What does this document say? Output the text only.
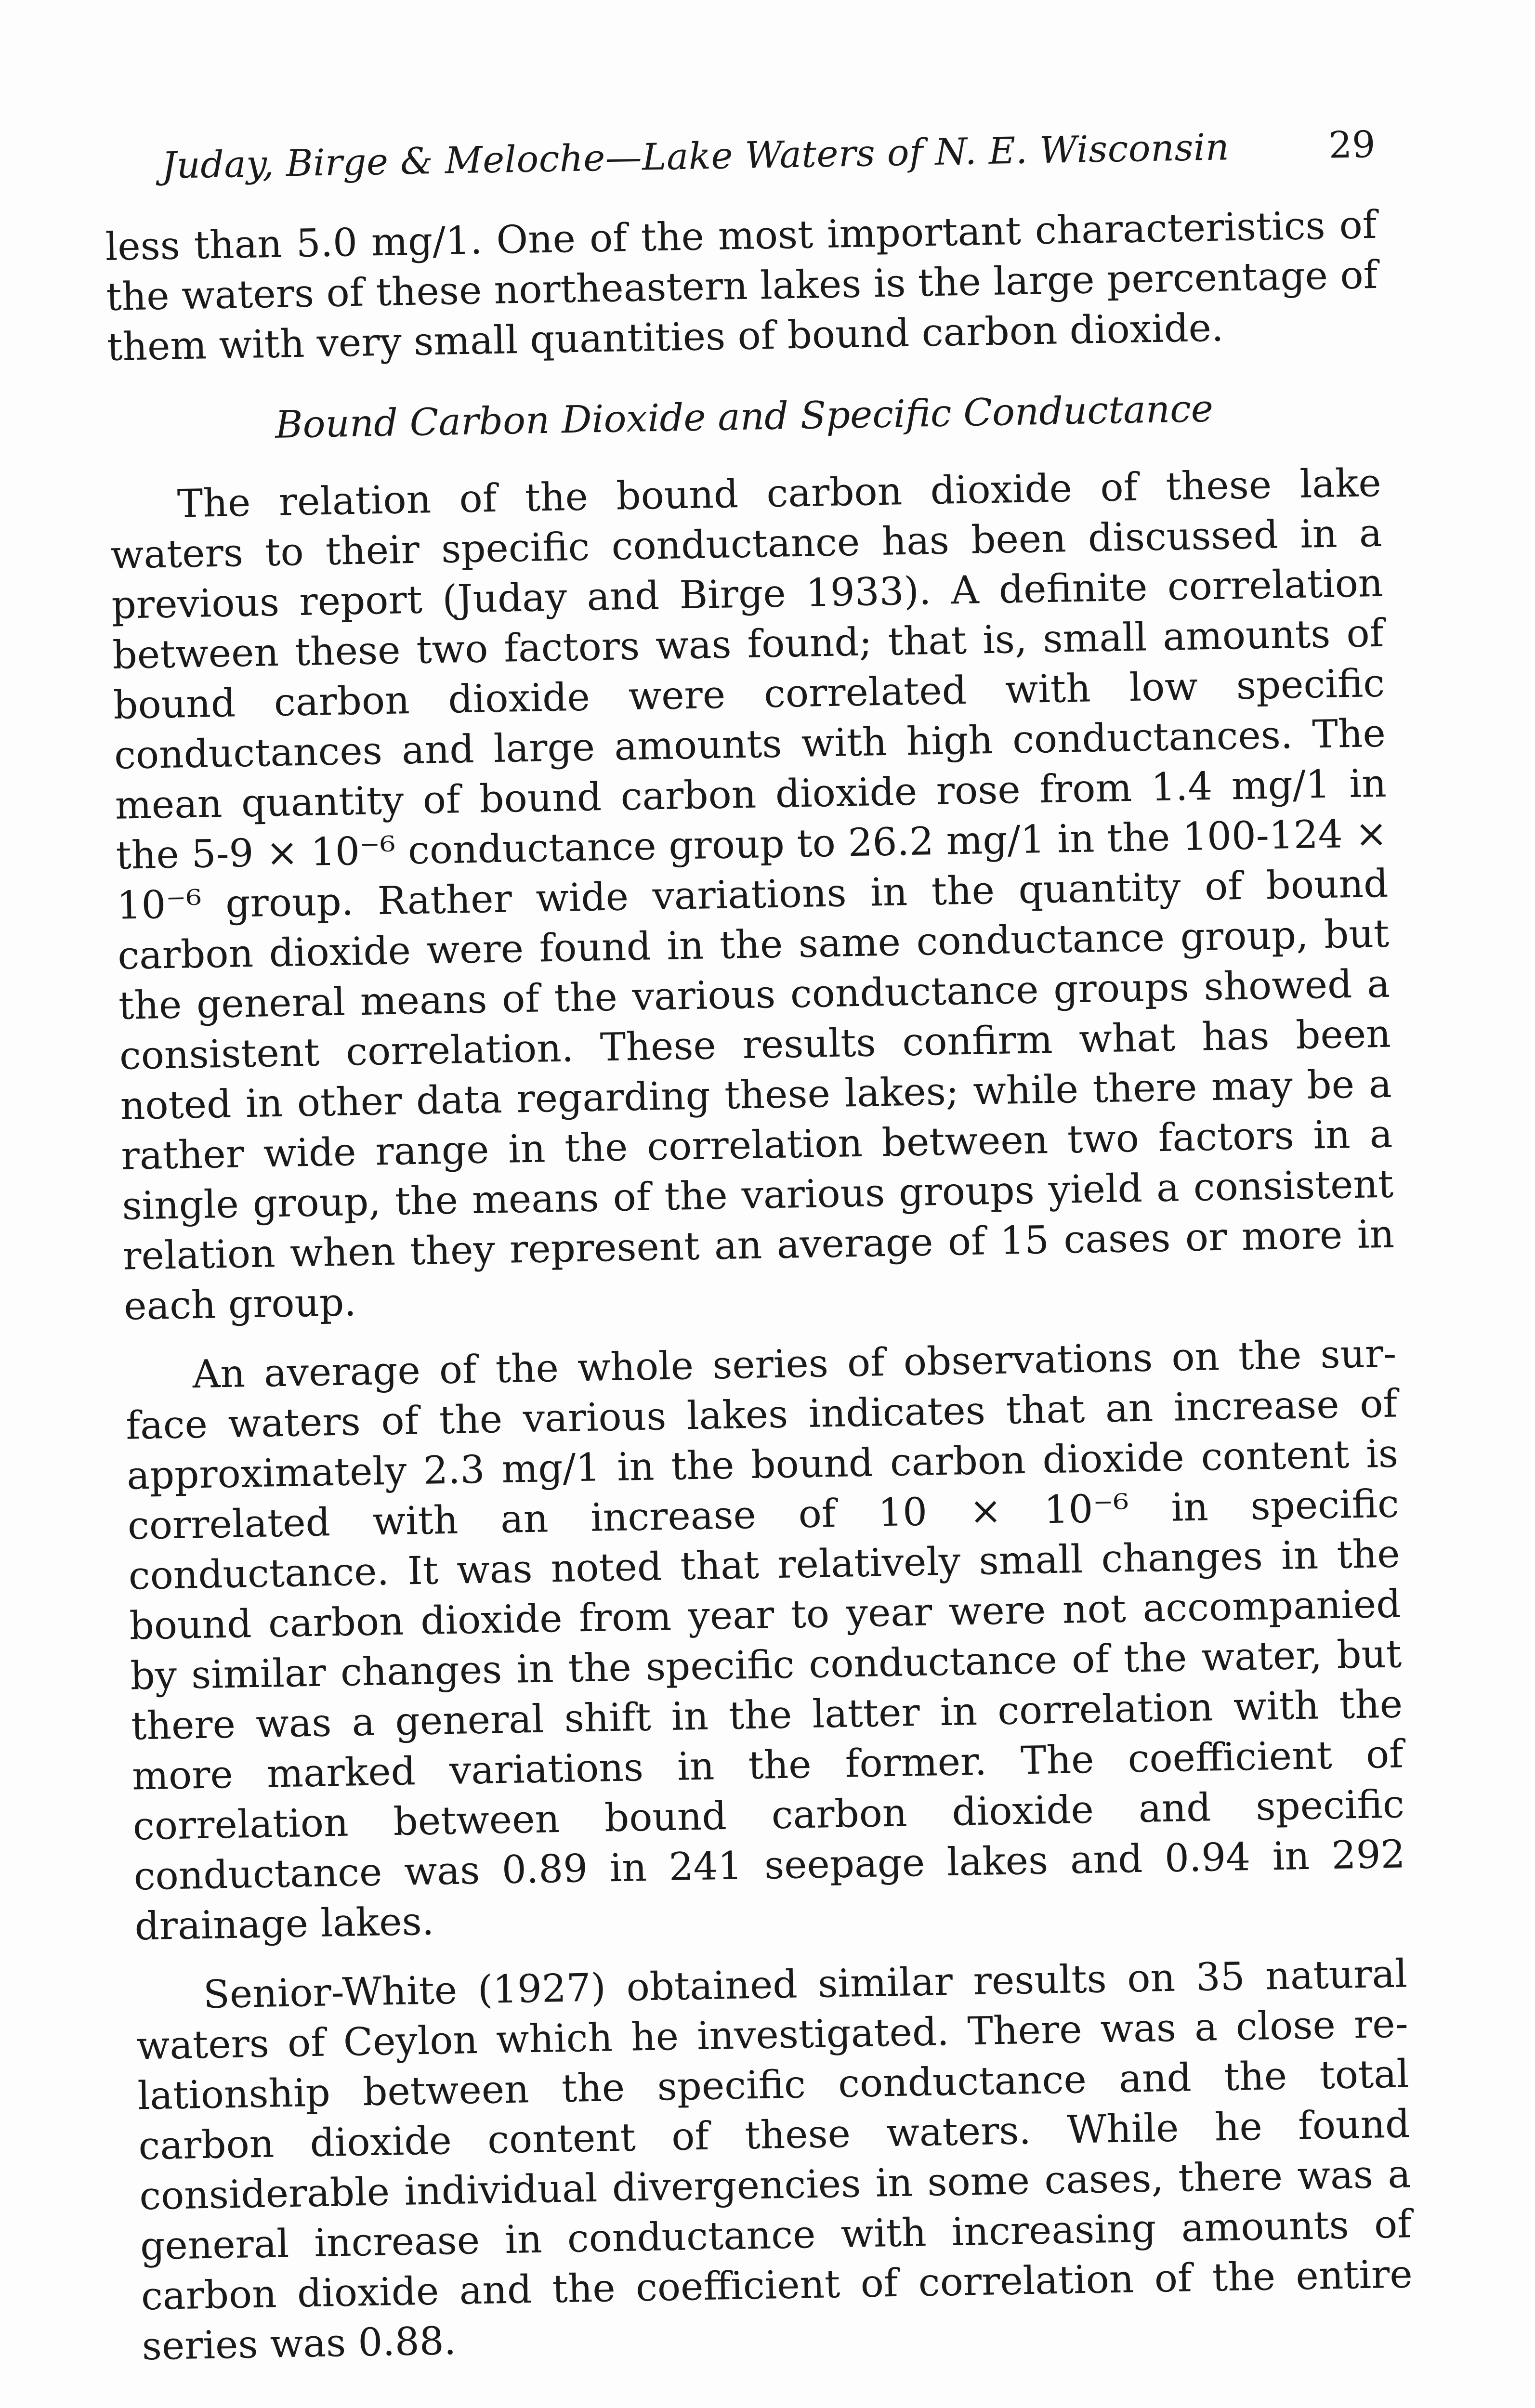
Juday, Birge & Meloche—Lake Waters of N. E. Wisconsin	29

less than 5.0 mg/1. One of the most important characteristics of the waters of these northeastern lakes is the large percentage of them with very small quantities of bound carbon dioxide.

Bound Carbon Dioxide and Specific Conductance

The relation of the bound carbon dioxide of these lake waters to their specific conductance has been discussed in a previous report (Juday and Birge 1933). A definite correlation between these two factors was found; that is, small amounts of bound carbon dioxide were correlated with low specific conductances and large amounts with high conductances. The mean quantity of bound carbon dioxide rose from 1.4 mg/1 in the 5-9 × 10⁻⁶ conductance group to 26.2 mg/1 in the 100-124 × 10⁻⁶ group. Rather wide variations in the quantity of bound carbon dioxide were found in the same conductance group, but the general means of the various conductance groups showed a consistent correlation. These results confirm what has been noted in other data regarding these lakes; while there may be a rather wide range in the correlation between two factors in a single group, the means of the various groups yield a consistent relation when they represent an average of 15 cases or more in each group.

An average of the whole series of observations on the surface waters of the various lakes indicates that an increase of approximately 2.3 mg/1 in the bound carbon dioxide content is correlated with an increase of 10 × 10⁻⁶ in specific conductance. It was noted that relatively small changes in the bound carbon dioxide from year to year were not accompanied by similar changes in the specific conductance of the water, but there was a general shift in the latter in correlation with the more marked variations in the former. The coefficient of correlation between bound carbon dioxide and specific conductance was 0.89 in 241 seepage lakes and 0.94 in 292 drainage lakes.

Senior-White (1927) obtained similar results on 35 natural waters of Ceylon which he investigated. There was a close relationship between the specific conductance and the total carbon dioxide content of these waters. While he found considerable individual divergencies in some cases, there was a general increase in conductance with increasing amounts of carbon dioxide and the coefficient of correlation of the entire series was 0.88.
